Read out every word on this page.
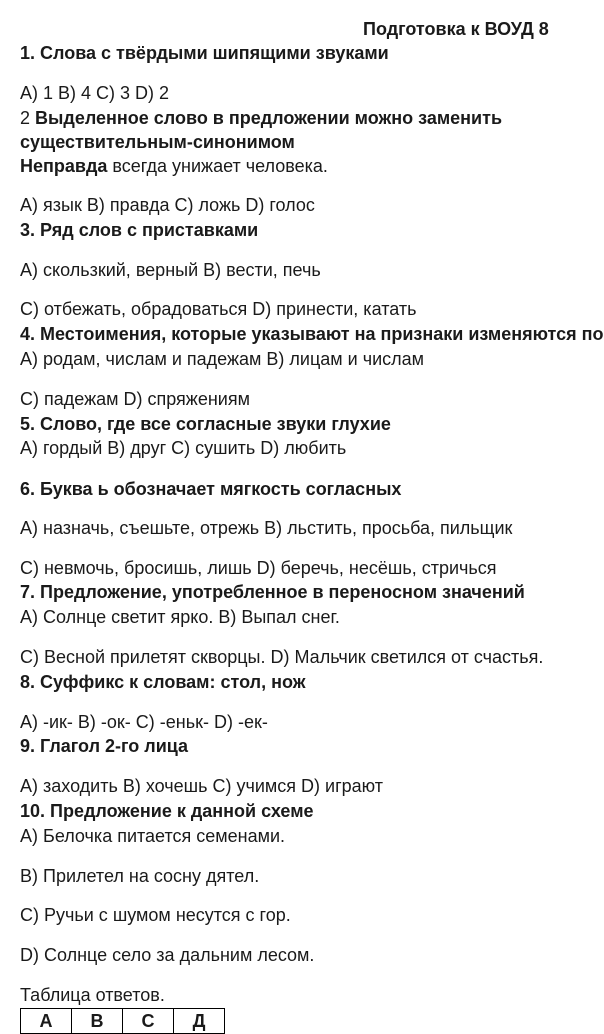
Подготовка к ВОУД 8
1. Слова с твёрдыми шипящими звуками
А) 1 В) 4 С) 3 D) 2
2 Выделенное слово в предложении можно заменить
существительным-синонимом
Неправда всегда унижает человека.
А) язык В) правда С) ложь D) голос
3. Ряд слов с приставками
А) скользкий, верный В) вести, печь
С) отбежать, обрадоваться D) принести, катать
4. Местоимения, которые указывают на признаки изменяются по
А) родам, числам и падежам В) лицам и числам
С) падежам D) спряжениям
5. Слово, где все согласные звуки глухие
А) гордый В) друг С) сушить D) любить
6. Буква ь обозначает мягкость согласных
А) назначь, съешьте, отрежь В) льстить, просьба, пильщик
С) невмочь, бросишь, лишь D) беречь, несёшь, стричься
7. Предложение, употребленное в переносном значений
А) Солнце светит ярко. В) Выпал снег.
С) Весной прилетят скворцы. D) Мальчик светился от счастья.
8. Суффикс к словам: стол, нож
А) -ик- В) -ок- С) -еньк- D) -ек-
9. Глагол 2-го лица
А) заходить В) хочешь С) учимся D) играют
10. Предложение к данной схеме
А) Белочка питается семенами.
В) Прилетел на сосну дятел.
С) Ручьи с шумом несутся с гор.
D) Солнце село за дальним лесом.
Таблица ответов.
А	В	С	Д
